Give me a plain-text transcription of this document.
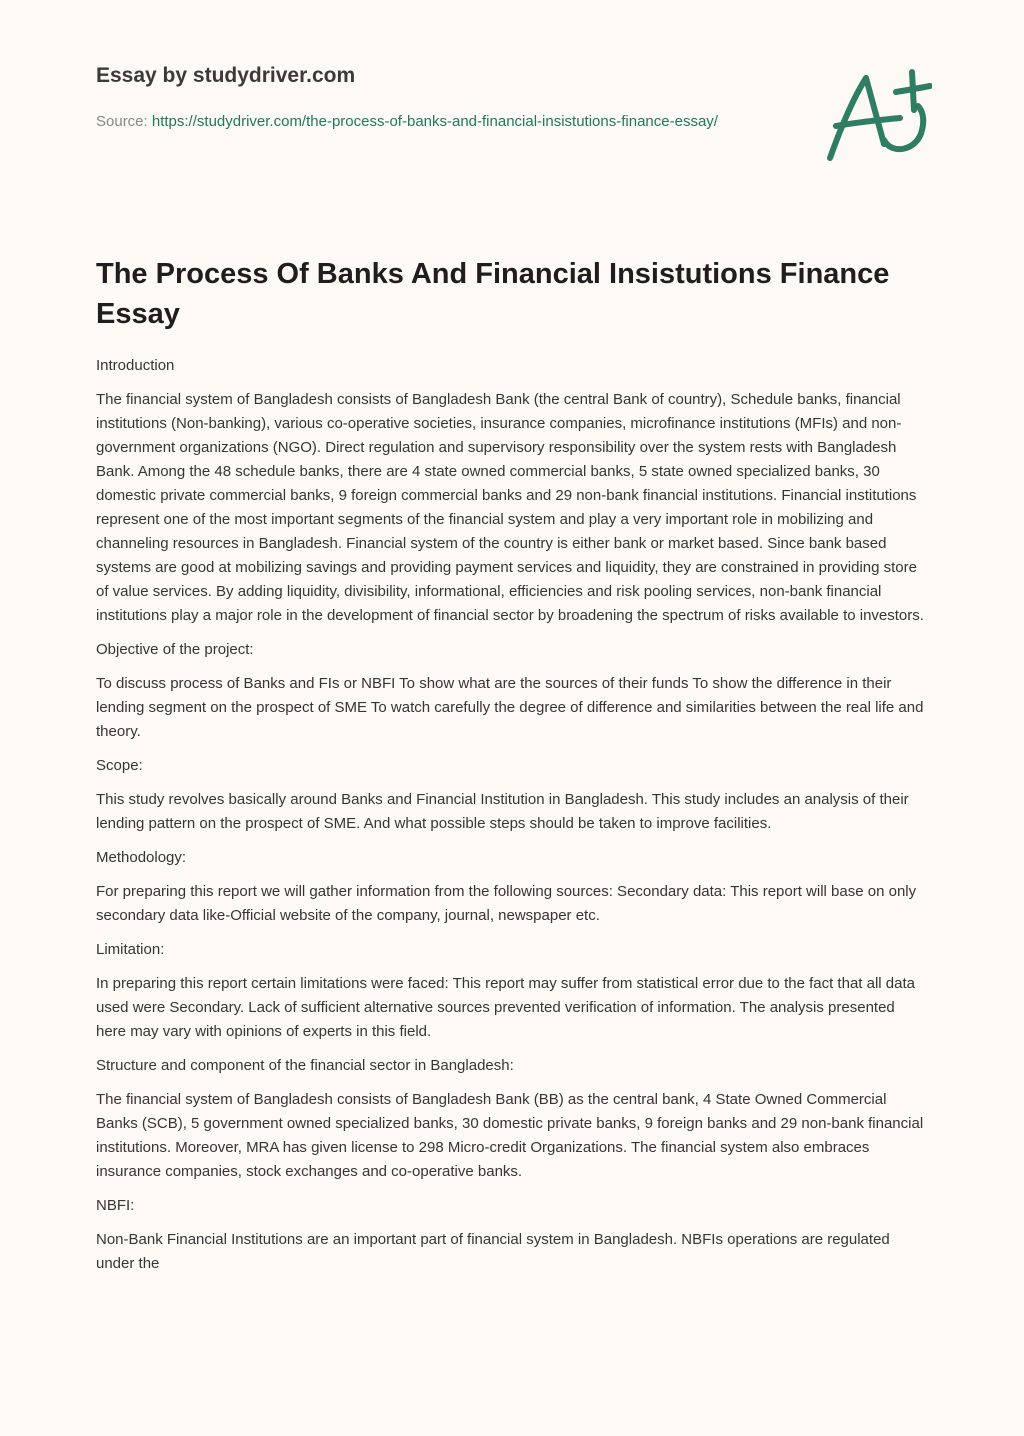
Essay by studydriver.com
Source: https://studydriver.com/the-process-of-banks-and-financial-insistutions-finance-essay/
The Process Of Banks And Financial Insistutions Finance Essay

Introduction

The financial system of Bangladesh consists of Bangladesh Bank (the central Bank of country), Schedule banks, financial institutions (Non-banking), various co-operative societies, insurance companies, microfinance institutions (MFIs) and non-government organizations (NGO). Direct regulation and supervisory responsibility over the system rests with Bangladesh Bank. Among the 48 schedule banks, there are 4 state owned commercial banks, 5 state owned specialized banks, 30 domestic private commercial banks, 9 foreign commercial banks and 29 non-bank financial institutions. Financial institutions represent one of the most important segments of the financial system and play a very important role in mobilizing and channeling resources in Bangladesh. Financial system of the country is either bank or market based. Since bank based systems are good at mobilizing savings and providing payment services and liquidity, they are constrained in providing store of value services. By adding liquidity, divisibility, informational, efficiencies and risk pooling services, non-bank financial institutions play a major role in the development of financial sector by broadening the spectrum of risks available to investors.

Objective of the project:

To discuss process of Banks and FIs or NBFI To show what are the sources of their funds To show the difference in their lending segment on the prospect of SME To watch carefully the degree of difference and similarities between the real life and theory.

Scope:

This study revolves basically around Banks and Financial Institution in Bangladesh. This study includes an analysis of their lending pattern on the prospect of SME. And what possible steps should be taken to improve facilities.

Methodology:

For preparing this report we will gather information from the following sources: Secondary data: This report will base on only secondary data like-Official website of the company, journal, newspaper etc.

Limitation:

In preparing this report certain limitations were faced: This report may suffer from statistical error due to the fact that all data used were Secondary. Lack of sufficient alternative sources prevented verification of information. The analysis presented here may vary with opinions of experts in this field.

Structure and component of the financial sector in Bangladesh:

The financial system of Bangladesh consists of Bangladesh Bank (BB) as the central bank, 4 State Owned Commercial Banks (SCB), 5 government owned specialized banks, 30 domestic private banks, 9 foreign banks and 29 non-bank financial institutions. Moreover, MRA has given license to 298 Micro-credit Organizations. The financial system also embraces insurance companies, stock exchanges and co-operative banks.

NBFI:

Non-Bank Financial Institutions are an important part of financial system in Bangladesh. NBFIs operations are regulated under the
